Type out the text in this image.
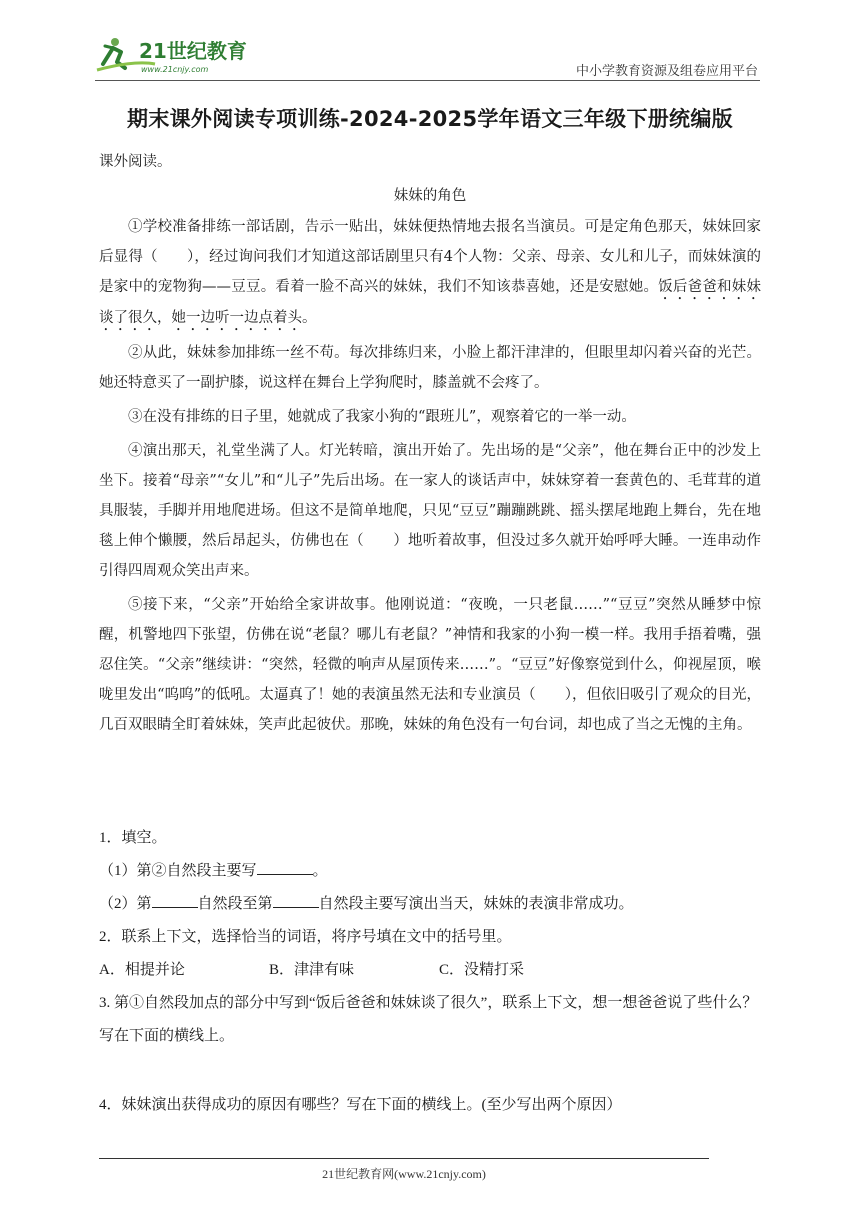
21世纪教育
www.21cnjy.com	中小学教育资源及组卷应用平台
期末课外阅读专项训练-2024-2025学年语文三年级下册统编版
课外阅读。
妹妹的角色

①学校准备排练一部话剧，告示一贴出，妹妹便热情地去报名当演员。可是定角色那天，妹妹回家后显得（　　），经过询问我们才知道这部话剧里只有4个人物：父亲、母亲、女儿和儿子，而妹妹演的是家中的宠物狗——豆豆。看着一脸不高兴的妹妹，我们不知该恭喜她，还是安慰她。饭后爸爸和妹妹谈了很久，她一边听一边点着头。

②从此，妹妹参加排练一丝不苟。每次排练归来，小脸上都汗津津的，但眼里却闪着兴奋的光芒。她还特意买了一副护膝，说这样在舞台上学狗爬时，膝盖就不会疼了。

③在没有排练的日子里，她就成了我家小狗的“跟班儿”，观察着它的一举一动。

④演出那天，礼堂坐满了人。灯光转暗，演出开始了。先出场的是“父亲”，他在舞台正中的沙发上坐下。接着“母亲”“女儿”和“儿子”先后出场。在一家人的谈话声中，妹妹穿着一套黄色的、毛茸茸的道具服装，手脚并用地爬进场。但这不是简单地爬，只见“豆豆”蹦蹦跳跳、摇头摆尾地跑上舞台，先在地毯上伸个懒腰，然后昂起头，仿佛也在（　　）地听着故事，但没过多久就开始呼呼大睡。一连串动作引得四周观众笑出声来。

⑤接下来，“父亲”开始给全家讲故事。他刚说道：“夜晚，一只老鼠……”“豆豆”突然从睡梦中惊醒，机警地四下张望，仿佛在说“老鼠？哪儿有老鼠？”神情和我家的小狗一模一样。我用手捂着嘴，强忍住笑。“父亲”继续讲：“突然，轻微的响声从屋顶传来……”。“豆豆”好像察觉到什么，仰视屋顶，喉咙里发出“呜呜”的低吼。太逼真了！她的表演虽然无法和专业演员（　　），但依旧吸引了观众的目光，几百双眼睛全盯着妹妹，笑声此起彼伏。那晚，妹妹的角色没有一句台词，却也成了当之无愧的主角。

1．填空。

（1）第②自然段主要写	。

（2）第	自然段至第	自然段主要写演出当天，妹妹的表演非常成功。

2．联系上下文，选择恰当的词语，将序号填在文中的括号里。

A．相提并论	B．津津有味	C．没精打采

3. 第①自然段加点的部分中写到“饭后爸爸和妹妹谈了很久”，联系上下文，想一想爸爸说了些什么？写在下面的横线上。

4．妹妹演出获得成功的原因有哪些？写在下面的横线上。(至少写出两个原因）

21世纪教育网(www.21cnjy.com)
